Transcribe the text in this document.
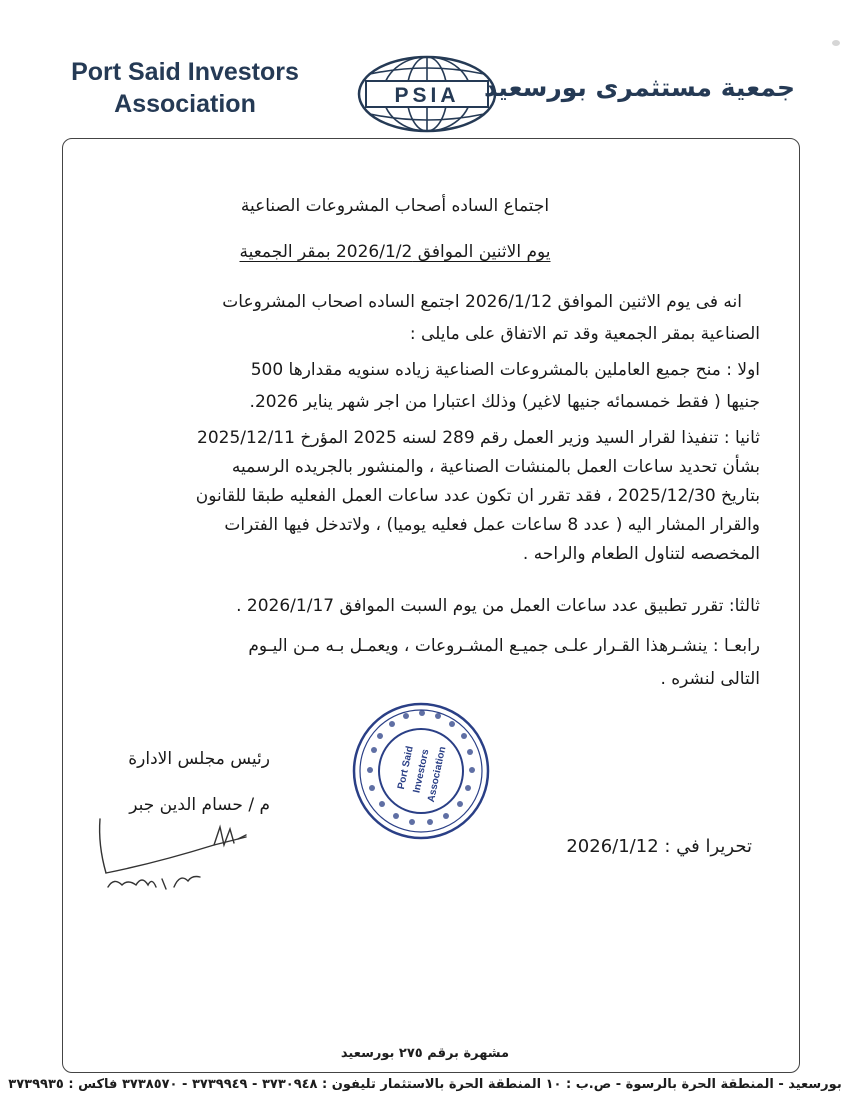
Port Said Investors
Association	PSIA جمعية مستثمرى بورسعيد
اجتماع الساده أصحاب المشروعات الصناعية
يوم الاثنين الموافق 2026/1/2 بمقر الجمعية
انه فى يوم الاثنين الموافق 2026/1/12 اجتمع الساده اصحاب المشروعات
الصناعية بمقر الجمعية وقد تم الاتفاق على مايلى :
اولا : منح جميع العاملين بالمشروعات الصناعية زياده سنويه مقدارها 500
جنيها ( فقط خمسمائه جنيها لاغير) وذلك اعتبارا من اجر شهر يناير 2026.
ثانيا : تنفيذا لقرار السيد وزير العمل رقم 289 لسنه 2025 المؤرخ 2025/12/11
بشأن تحديد ساعات العمل بالمنشات الصناعية ، والمنشور بالجريده الرسميه
بتاريخ 2025/12/30 ، فقد تقرر ان تكون عدد ساعات العمل الفعليه طبقا للقانون
والقرار المشار اليه ( عدد 8 ساعات عمل فعليه يوميا) ، ولاتدخل فيها الفترات
المخصصه لتناول الطعام والراحه .
ثالثا: تقرر تطبيق عدد ساعات العمل من يوم السبت الموافق 2026/1/17 .
رابعـا : ينشـرهذا القـرار علـى جميـع المشـروعات ، ويعمـل بـه مـن اليـوم
التالى لنشره .
رئيس مجلس الادارة
م / حسام الدين جبر
Port Said
Investors
Association
تحريرا في : 2026/1/12
مشهرة برقم ٢٧٥ بورسعيد
بورسعيد - المنطقة الحرة بالرسوة - ص.ب : ١٠ المنطقة الحرة بالاستثمار تليفون : ٣٧٣٠٩٤٨ - ٣٧٣٩٩٤٩ - ٣٧٣٨٥٧٠ فاكس : ٣٧٣٩٩٣٥
